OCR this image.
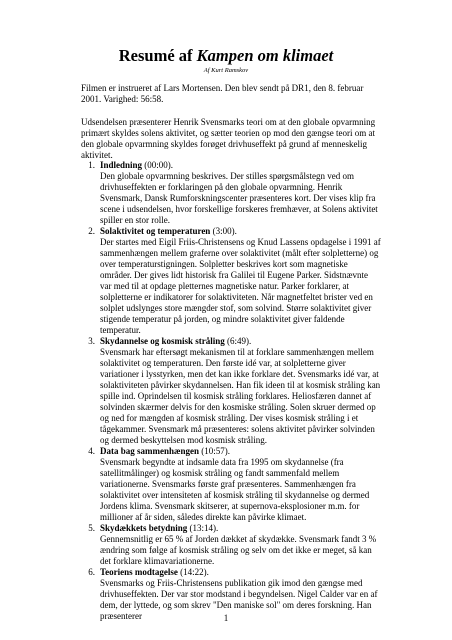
Resumé af Kampen om klimaet
Af Kurt Ramskov

Filmen er instrueret af Lars Mortensen. Den blev sendt på DR1, den 8. februar 2001. Varighed: 56:58.

Udsendelsen præsenterer Henrik Svensmarks teori om at den globale opvarmning primært skyldes solens aktivitet, og sætter teorien op mod den gængse teori om at den globale opvarmning skyldes forøget drivhuseffekt på grund af menneskelig aktivitet.

1. Indledning (00:00).
Den globale opvarmning beskrives. Der stilles spørgsmålstegn ved om drivhuseffekten er forklaringen på den globale opvarmning. Henrik Svensmark, Dansk Rumforskningscenter præsenteres kort. Der vises klip fra scene i udsendelsen, hvor forskellige forskeres fremhæver, at Solens aktivitet spiller en stor rolle.
2. Solaktivitet og temperaturen (3:00).
Der startes med Eigil Friis-Christensens og Knud Lassens opdagelse i 1991 af sammenhængen mellem graferne over solaktivitet (målt efter solpletterne) og over temperaturstigningen. Solpletter beskrives kort som magnetiske områder. Der gives lidt historisk fra Galilei til Eugene Parker. Sidstnævnte var med til at opdage pletternes magnetiske natur. Parker forklarer, at solpletterne er indikatorer for solaktiviteten. Når magnetfeltet brister ved en solplet udslynges store mængder stof, som solvind. Større solaktivitet giver stigende temperatur på jorden, og mindre solaktivitet giver faldende temperatur.
3. Skydannelse og kosmisk stråling (6:49).
Svensmark har eftersøgt mekanismen til at forklare sammenhængen mellem solaktivitet og temperaturen. Den første idé var, at solpletterne giver variationer i lysstyrken, men det kan ikke forklare det. Svensmarks idé var, at solaktiviteten påvirker skydannelsen. Han fik ideen til at kosmisk stråling kan spille ind. Oprindelsen til kosmisk stråling forklares. Heliosfæren dannet af solvinden skærmer delvis for den kosmiske stråling. Solen skruer dermed op og ned for mængden af kosmisk stråling. Der vises kosmisk stråling i et tågekammer. Svensmark må præsenteres: solens aktivitet påvirker solvinden og dermed beskyttelsen mod kosmisk stråling.
4. Data bag sammenhængen (10:57).
Svensmark begyndte at indsamle data fra 1995 om skydannelse (fra satellitmålinger) og kosmisk stråling og fandt sammenfald mellem variationerne. Svensmarks første graf præsenteres. Sammenhængen fra solaktivitet over intensiteten af kosmisk stråling til skydannelse og dermed Jordens klima. Svensmark skitserer, at supernova-eksplosioner m.m. for millioner af år siden, således direkte kan påvirke klimaet.
5. Skydækkets betydning (13:14).
Gennemsnitlig er 65 % af Jorden dækket af skydække. Svensmark fandt 3 % ændring som følge af kosmisk stråling og selv om det ikke er meget, så kan det forklare klimavariationerne.
6. Teoriens modtagelse (14:22).
Svensmarks og Friis-Christensens publikation gik imod den gængse med drivhuseffekten. Der var stor modstand i begyndelsen. Nigel Calder var en af dem, der lyttede, og som skrev "Den maniske sol" om deres forskning. Han præsenterer	1
